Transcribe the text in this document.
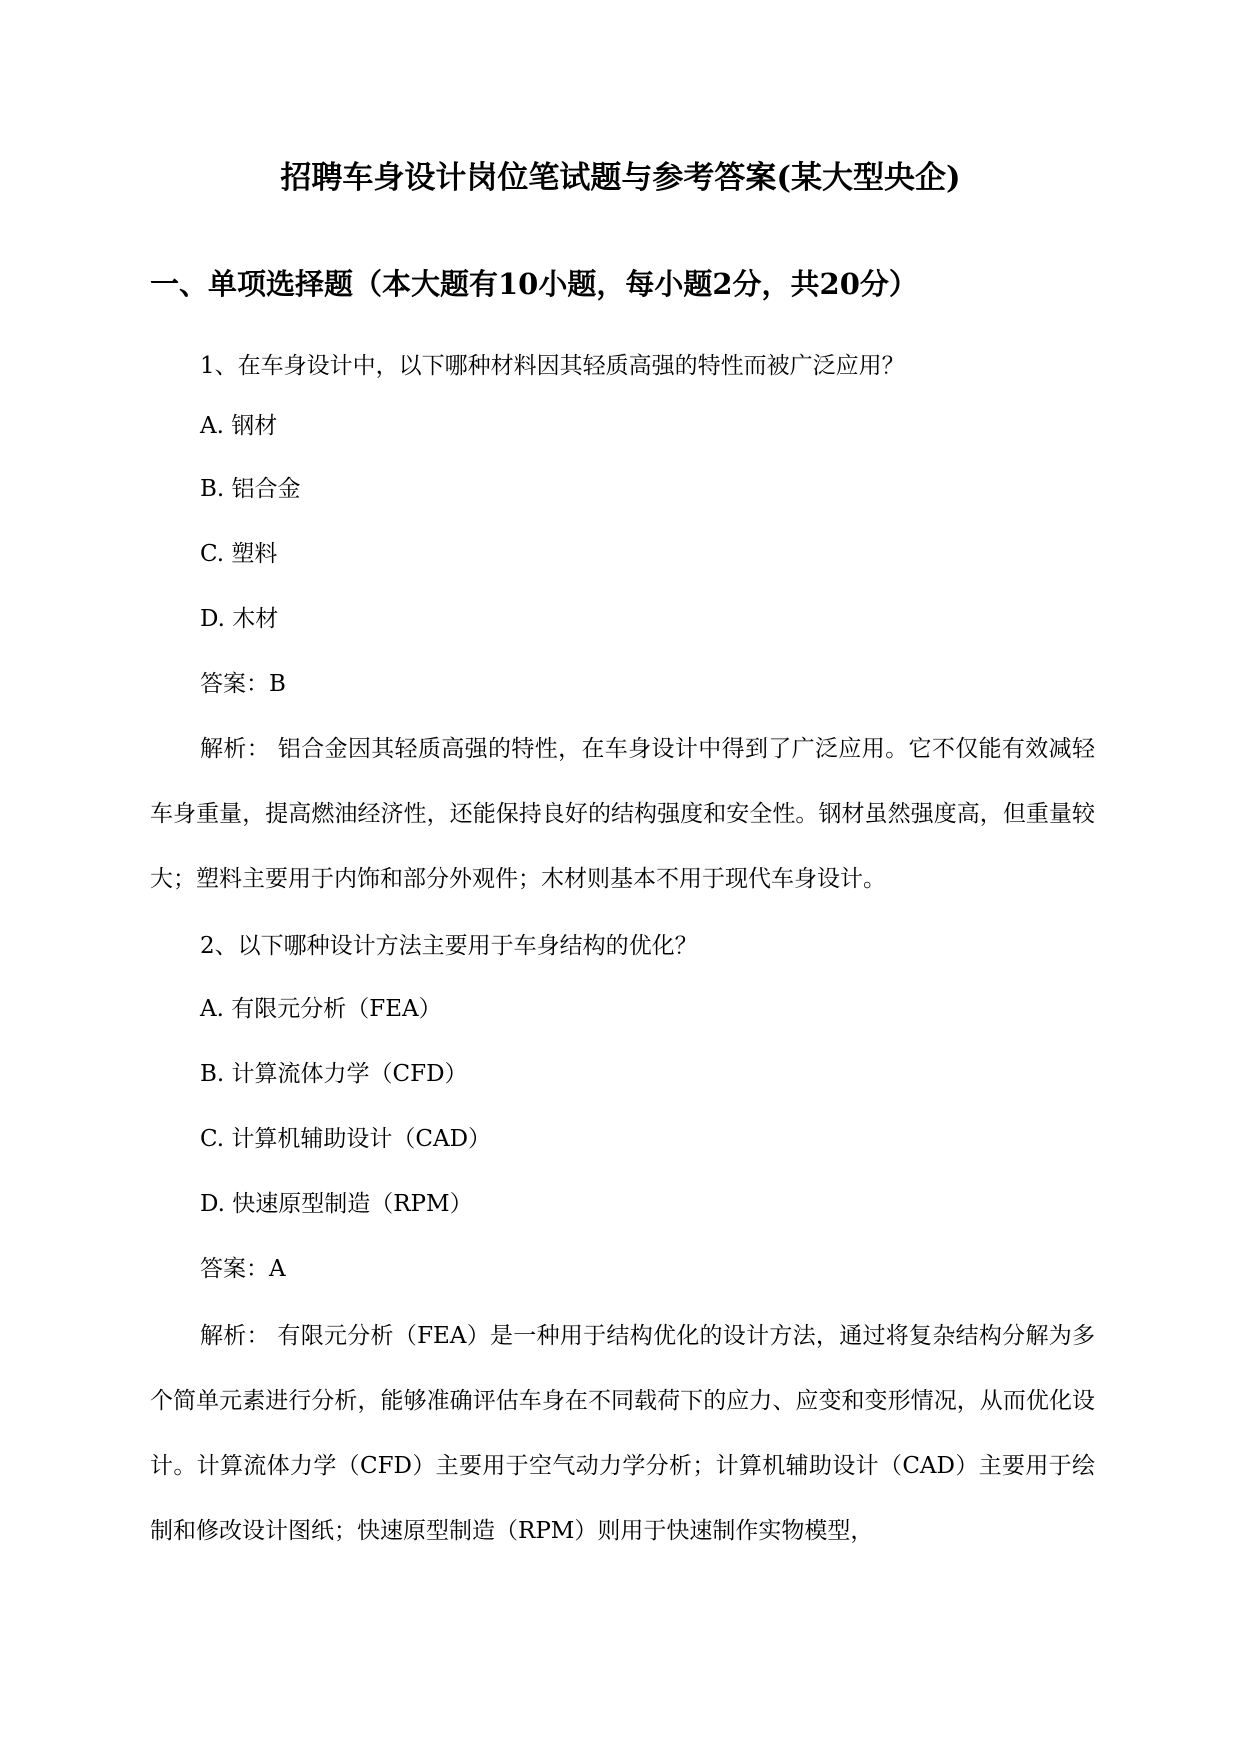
招聘车身设计岗位笔试题与参考答案(某大型央企)
一、单项选择题（本大题有10小题，每小题2分，共20分）
1、在车身设计中，以下哪种材料因其轻质高强的特性而被广泛应用？
A. 钢材
B. 铝合金
C. 塑料
D. 木材
答案：B

解析： 铝合金因其轻质高强的特性，在车身设计中得到了广泛应用。它不仅能有效减轻车身重量，提高燃油经济性，还能保持良好的结构强度和安全性。钢材虽然强度高，但重量较大；塑料主要用于内饰和部分外观件；木材则基本不用于现代车身设计。

2、以下哪种设计方法主要用于车身结构的优化？
A. 有限元分析（FEA）
B. 计算流体力学（CFD）
C. 计算机辅助设计（CAD）
D. 快速原型制造（RPM）
答案：A

解析： 有限元分析（FEA）是一种用于结构优化的设计方法，通过将复杂结构分解为多个简单元素进行分析，能够准确评估车身在不同载荷下的应力、应变和变形情况，从而优化设计。计算流体力学（CFD）主要用于空气动力学分析；计算机辅助设计（CAD）主要用于绘制和修改设计图纸；快速原型制造（RPM）则用于快速制作实物模型，
